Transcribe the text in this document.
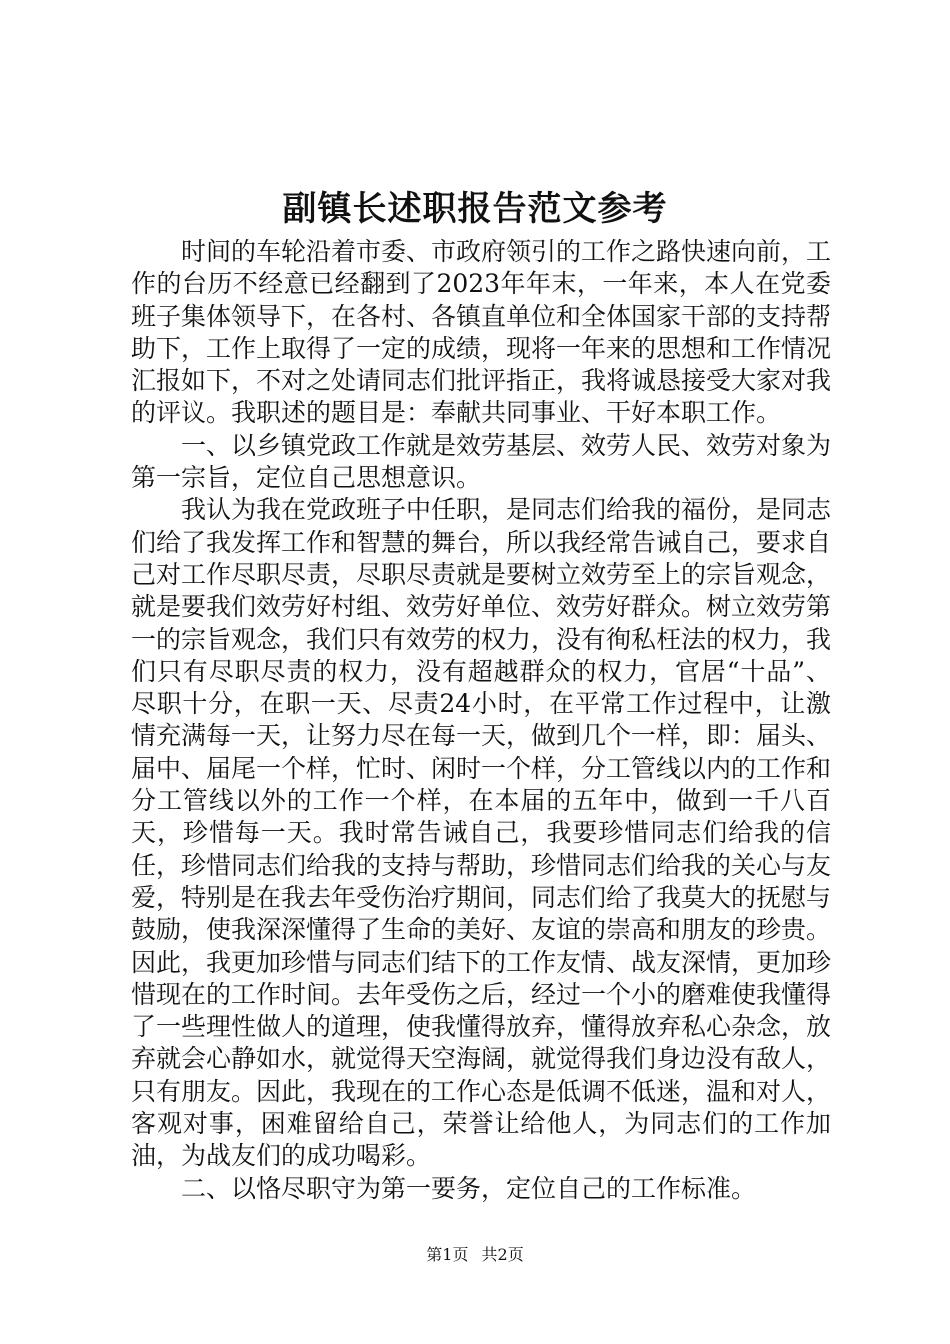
副镇长述职报告范文参考

时间的车轮沿着市委、市政府领引的工作之路快速向前，工作的台历不经意已经翻到了2023年年末，一年来，本人在党委班子集体领导下，在各村、各镇直单位和全体国家干部的支持帮助下，工作上取得了一定的成绩，现将一年来的思想和工作情况汇报如下，不对之处请同志们批评指正，我将诚恳接受大家对我的评议。我职述的题目是：奉献共同事业、干好本职工作。

一、以乡镇党政工作就是效劳基层、效劳人民、效劳对象为第一宗旨，定位自己思想意识。

我认为我在党政班子中任职，是同志们给我的福份，是同志们给了我发挥工作和智慧的舞台，所以我经常告诫自己，要求自己对工作尽职尽责，尽职尽责就是要树立效劳至上的宗旨观念，就是要我们效劳好村组、效劳好单位、效劳好群众。树立效劳第一的宗旨观念，我们只有效劳的权力，没有徇私枉法的权力，我们只有尽职尽责的权力，没有超越群众的权力，官居“十品”、尽职十分，在职一天、尽责24小时，在平常工作过程中，让激情充满每一天，让努力尽在每一天，做到几个一样，即：届头、届中、届尾一个样，忙时、闲时一个样，分工管线以内的工作和分工管线以外的工作一个样，在本届的五年中，做到一千八百天，珍惜每一天。我时常告诫自己，我要珍惜同志们给我的信任，珍惜同志们给我的支持与帮助，珍惜同志们给我的关心与友爱，特别是在我去年受伤治疗期间，同志们给了我莫大的抚慰与鼓励，使我深深懂得了生命的美好、友谊的崇高和朋友的珍贵。因此，我更加珍惜与同志们结下的工作友情、战友深情，更加珍惜现在的工作时间。去年受伤之后，经过一个小的磨难使我懂得了一些理性做人的道理，使我懂得放弃，懂得放弃私心杂念，放弃就会心静如水，就觉得天空海阔，就觉得我们身边没有敌人，只有朋友。因此，我现在的工作心态是低调不低迷，温和对人，客观对事，困难留给自己，荣誉让给他人，为同志们的工作加油，为战友们的成功喝彩。

二、以恪尽职守为第一要务，定位自己的工作标准。

第1页 共2页
